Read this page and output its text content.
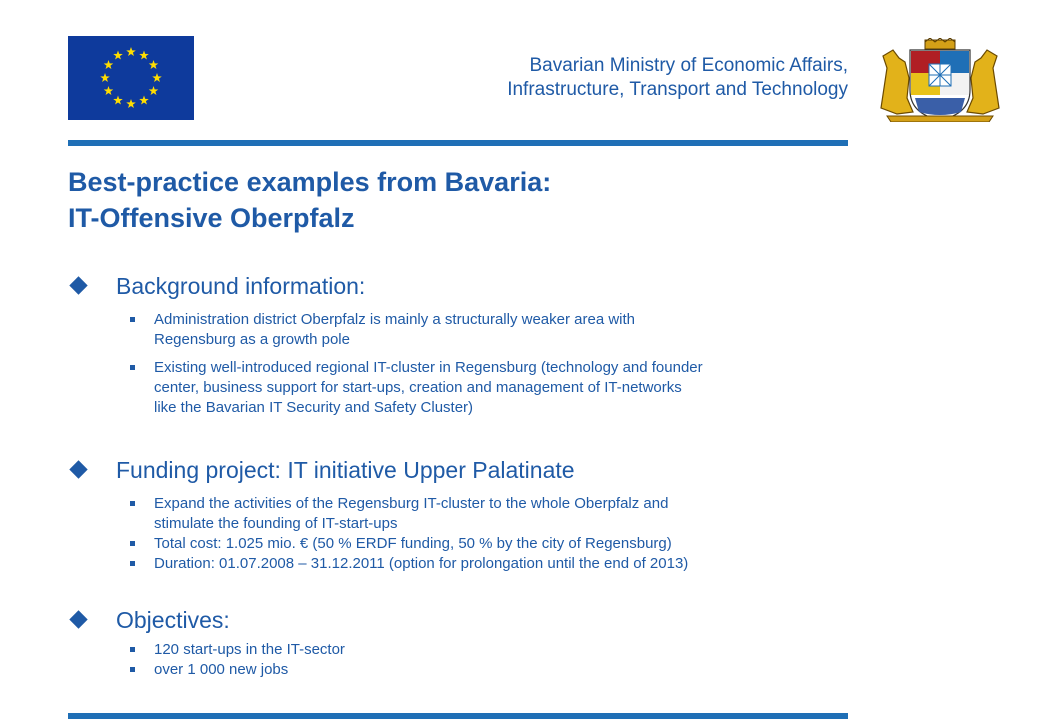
Bavarian Ministry of Economic Affairs,
Infrastructure, Transport and Technology
Best-practice examples from Bavaria:
IT-Offensive Oberpfalz
Background information:
Administration district Oberpfalz is mainly a structurally weaker area with
Regensburg as a growth pole
Existing well-introduced regional IT-cluster in Regensburg (technology and founder
center, business support for start-ups, creation and management of IT-networks
like the Bavarian IT Security and Safety Cluster)
Funding project: IT initiative Upper Palatinate
Expand the activities of the Regensburg IT-cluster to the whole Oberpfalz and
stimulate the founding of IT-start-ups
Total cost: 1.025 mio. € (50 % ERDF funding, 50 % by the city of Regensburg)
Duration: 01.07.2008 – 31.12.2011 (option for prolongation until the end of 2013)
Objectives:
120 start-ups in the IT-sector
over 1 000 new jobs
